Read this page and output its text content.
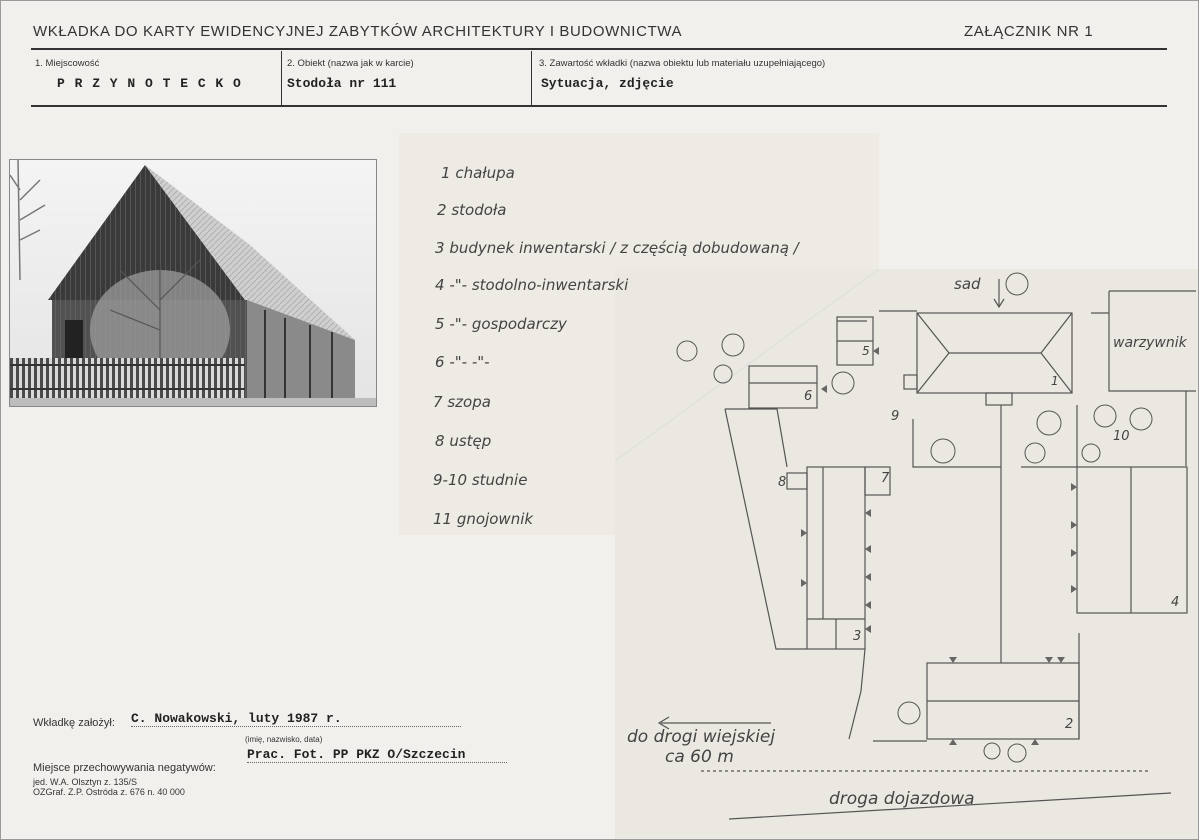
WKŁADKA DO KARTY EWIDENCYJNEJ ZABYTKÓW ARCHITEKTURY I BUDOWNICTWA	ZAŁĄCZNIK NR 1
1. Miejscowość
P R Z Y N O T E C K O
2. Obiekt (nazwa jak w karcie)
Stodoła nr 111
3. Zawartość wkładki (nazwa obiektu lub materiału uzupełniającego)
Sytuacja, zdjęcie
1 chałupa
2 stodoła
3 budynek inwentarski / z częścią dobudowaną /
4 -"- stodolno-inwentarski
5 -"- gospodarczy
6 -"- -"-
7 szopa
8 ustęp
9-10 studnie
11 gnojownik
sad
warzywnik
1
2
3
4
5
6
7
8
9
10
do drogi wiejskiej
ca 60 m
droga dojazdowa
Wkładkę założył: C. Nowakowski, luty 1987 r.
(imię, nazwisko, data)
Miejsce przechowywania negatywów:
Prac. Fot. PP PKZ O/Szczecin
jed. W.A. Olsztyn z. 135/S
OZGraf. Z.P. Ostróda z. 676 n. 40 000
